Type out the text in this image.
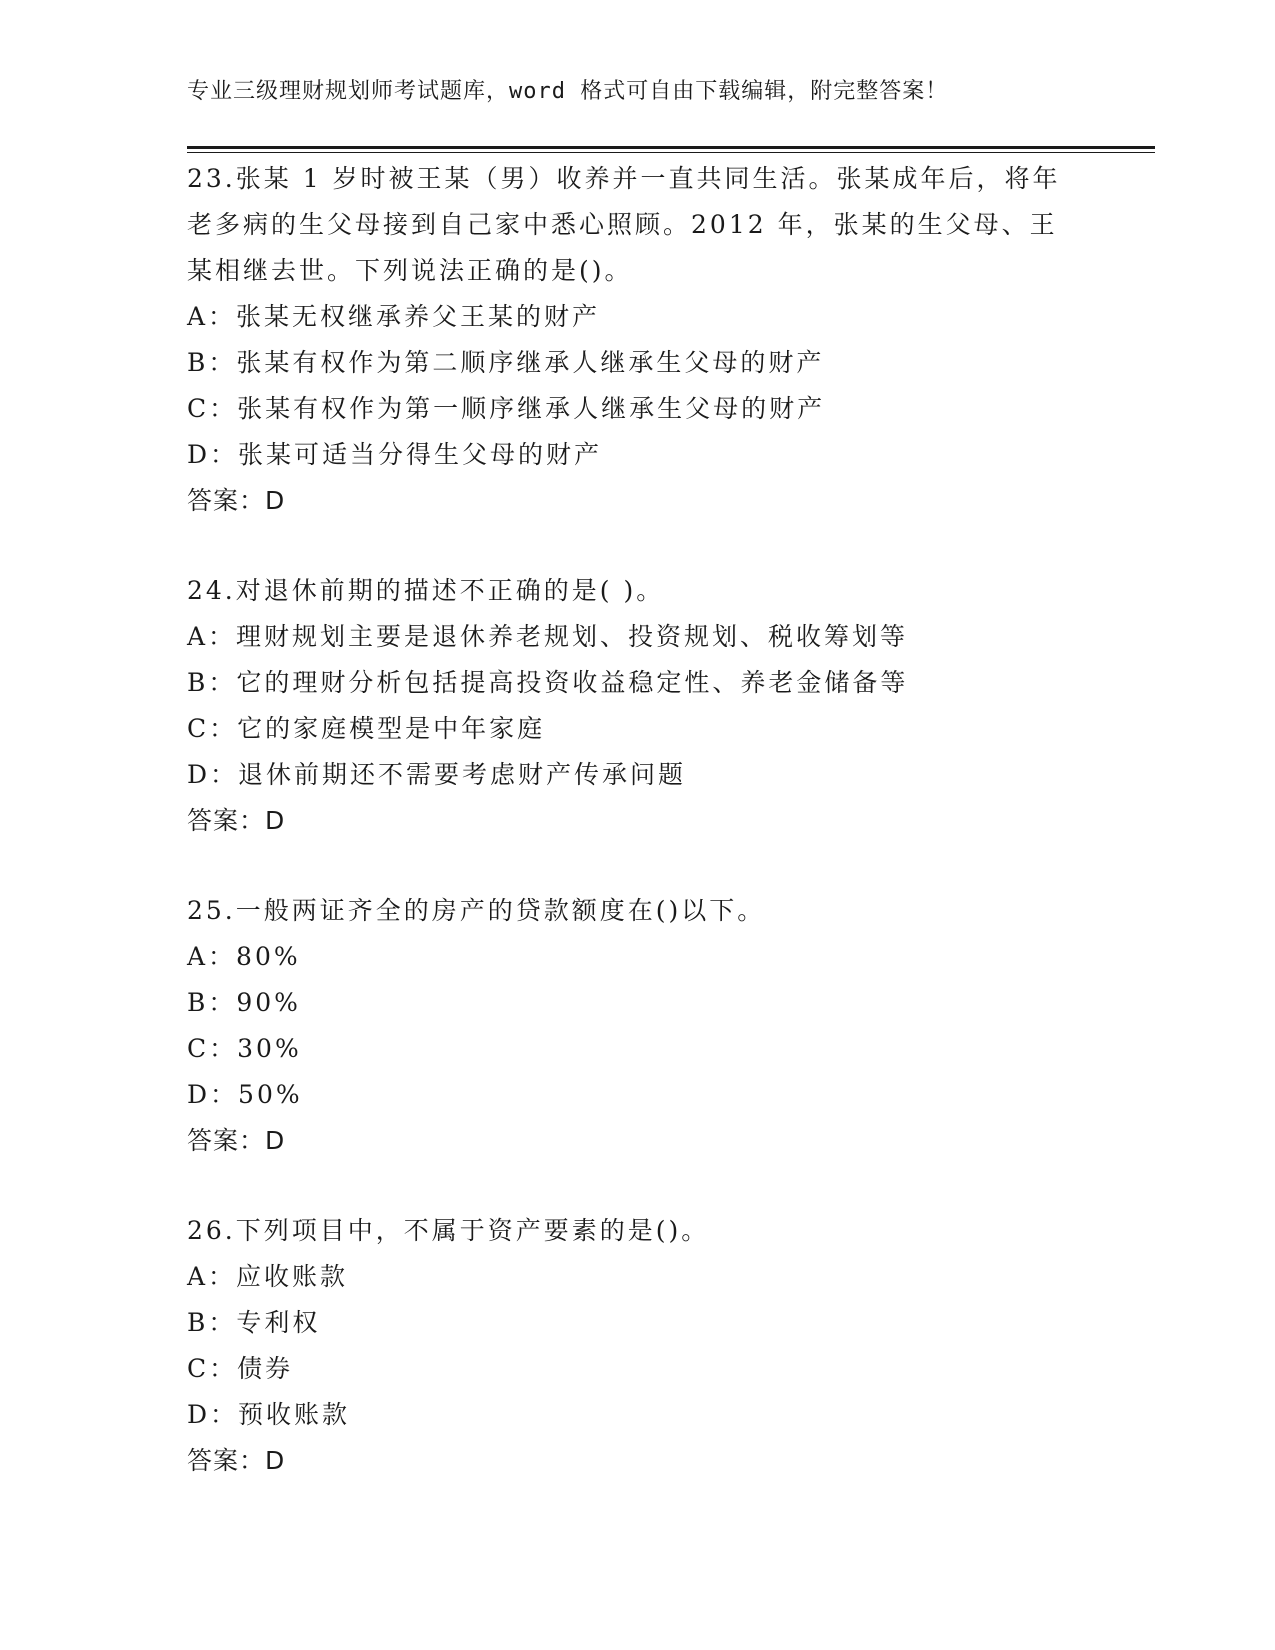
专业三级理财规划师考试题库，word 格式可自由下载编辑，附完整答案！

23.张某 1 岁时被王某（男）收养并一直共同生活。张某成年后，将年

老多病的生父母接到自己家中悉心照顾。2012 年，张某的生父母、王

某相继去世。下列说法正确的是()。

A：张某无权继承养父王某的财产

B：张某有权作为第二顺序继承人继承生父母的财产

C：张某有权作为第一顺序继承人继承生父母的财产

D：张某可适当分得生父母的财产

答案：D

24.对退休前期的描述不正确的是( )。

A：理财规划主要是退休养老规划、投资规划、税收筹划等

B：它的理财分析包括提高投资收益稳定性、养老金储备等

C：它的家庭模型是中年家庭

D：退休前期还不需要考虑财产传承问题

答案：D

25.一般两证齐全的房产的贷款额度在()以下。

A：80%

B：90%

C：30%

D：50%

答案：D

26.下列项目中，不属于资产要素的是()。

A：应收账款

B：专利权

C：债券

D：预收账款

答案：D
